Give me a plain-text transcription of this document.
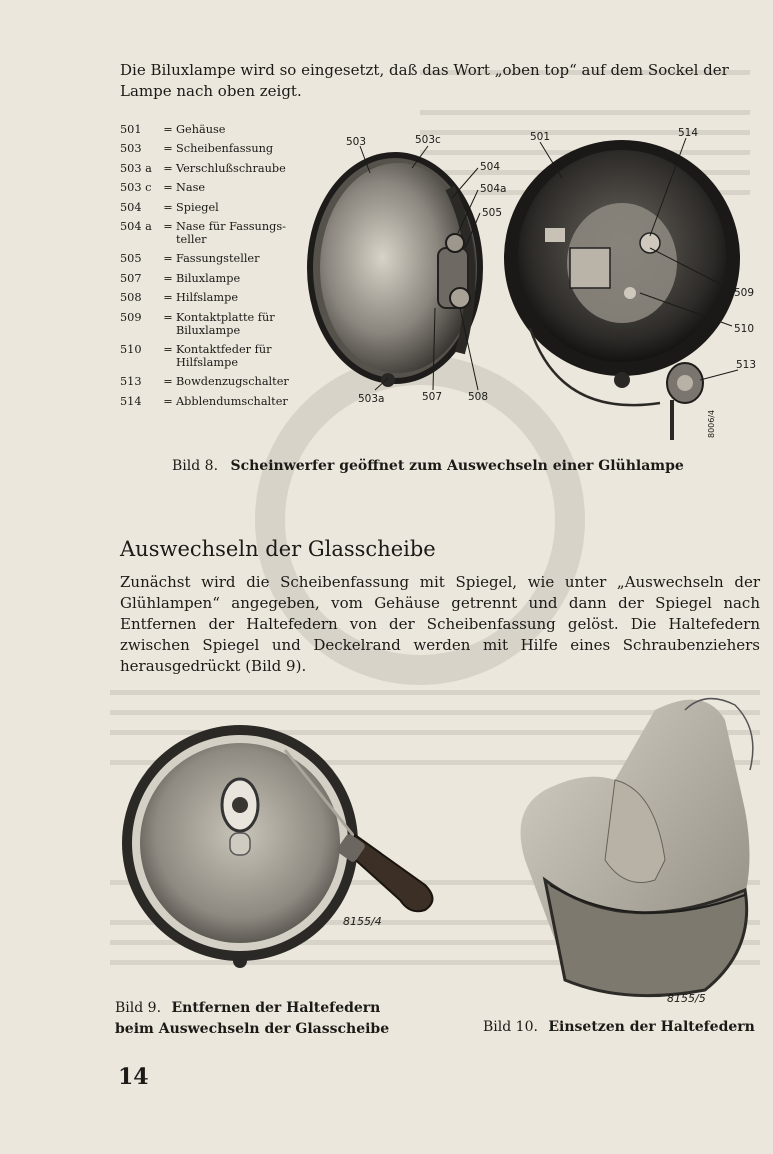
Die Biluxlampe wird so eingesetzt, daß das Wort „oben top“ auf dem Sockel der Lampe nach oben zeigt.

501	= Gehäuse
503	= Scheibenfassung
503 a	= Verschlußschraube
503 c	= Nase
504	= Spiegel
504 a	= Nase für Fassungs-teller
505	= Fassungsteller
507	= Biluxlampe
508	= Hilfslampe
509	= Kontaktplatte für Biluxlampe
510	= Kontaktfeder für Hilfslampe
513	= Bowdenzugschalter
514	= Abblendumschalter
503	503c
504
504a
505
503a	507 508
501	514
509
510
513
8006/4
Bild 8. Scheinwerfer geöffnet zum Auswechseln einer Glühlampe
Auswechseln der Glasscheibe

Zunächst wird die Scheibenfassung mit Spiegel, wie unter „Auswechseln der Glühlampen“ angegeben, vom Gehäuse getrennt und dann der Spiegel nach Entfernen der Haltefedern von der Scheibenfassung gelöst. Die Haltefedern zwischen Spiegel und Deckelrand werden mit Hilfe eines Schraubenziehers herausgedrückt (Bild 9).

8155/4
Bild 9. Entfernen der Haltefedern
beim Auswechseln der Glasscheibe
8155/5
Bild 10. Einsetzen der Haltefedern
14
